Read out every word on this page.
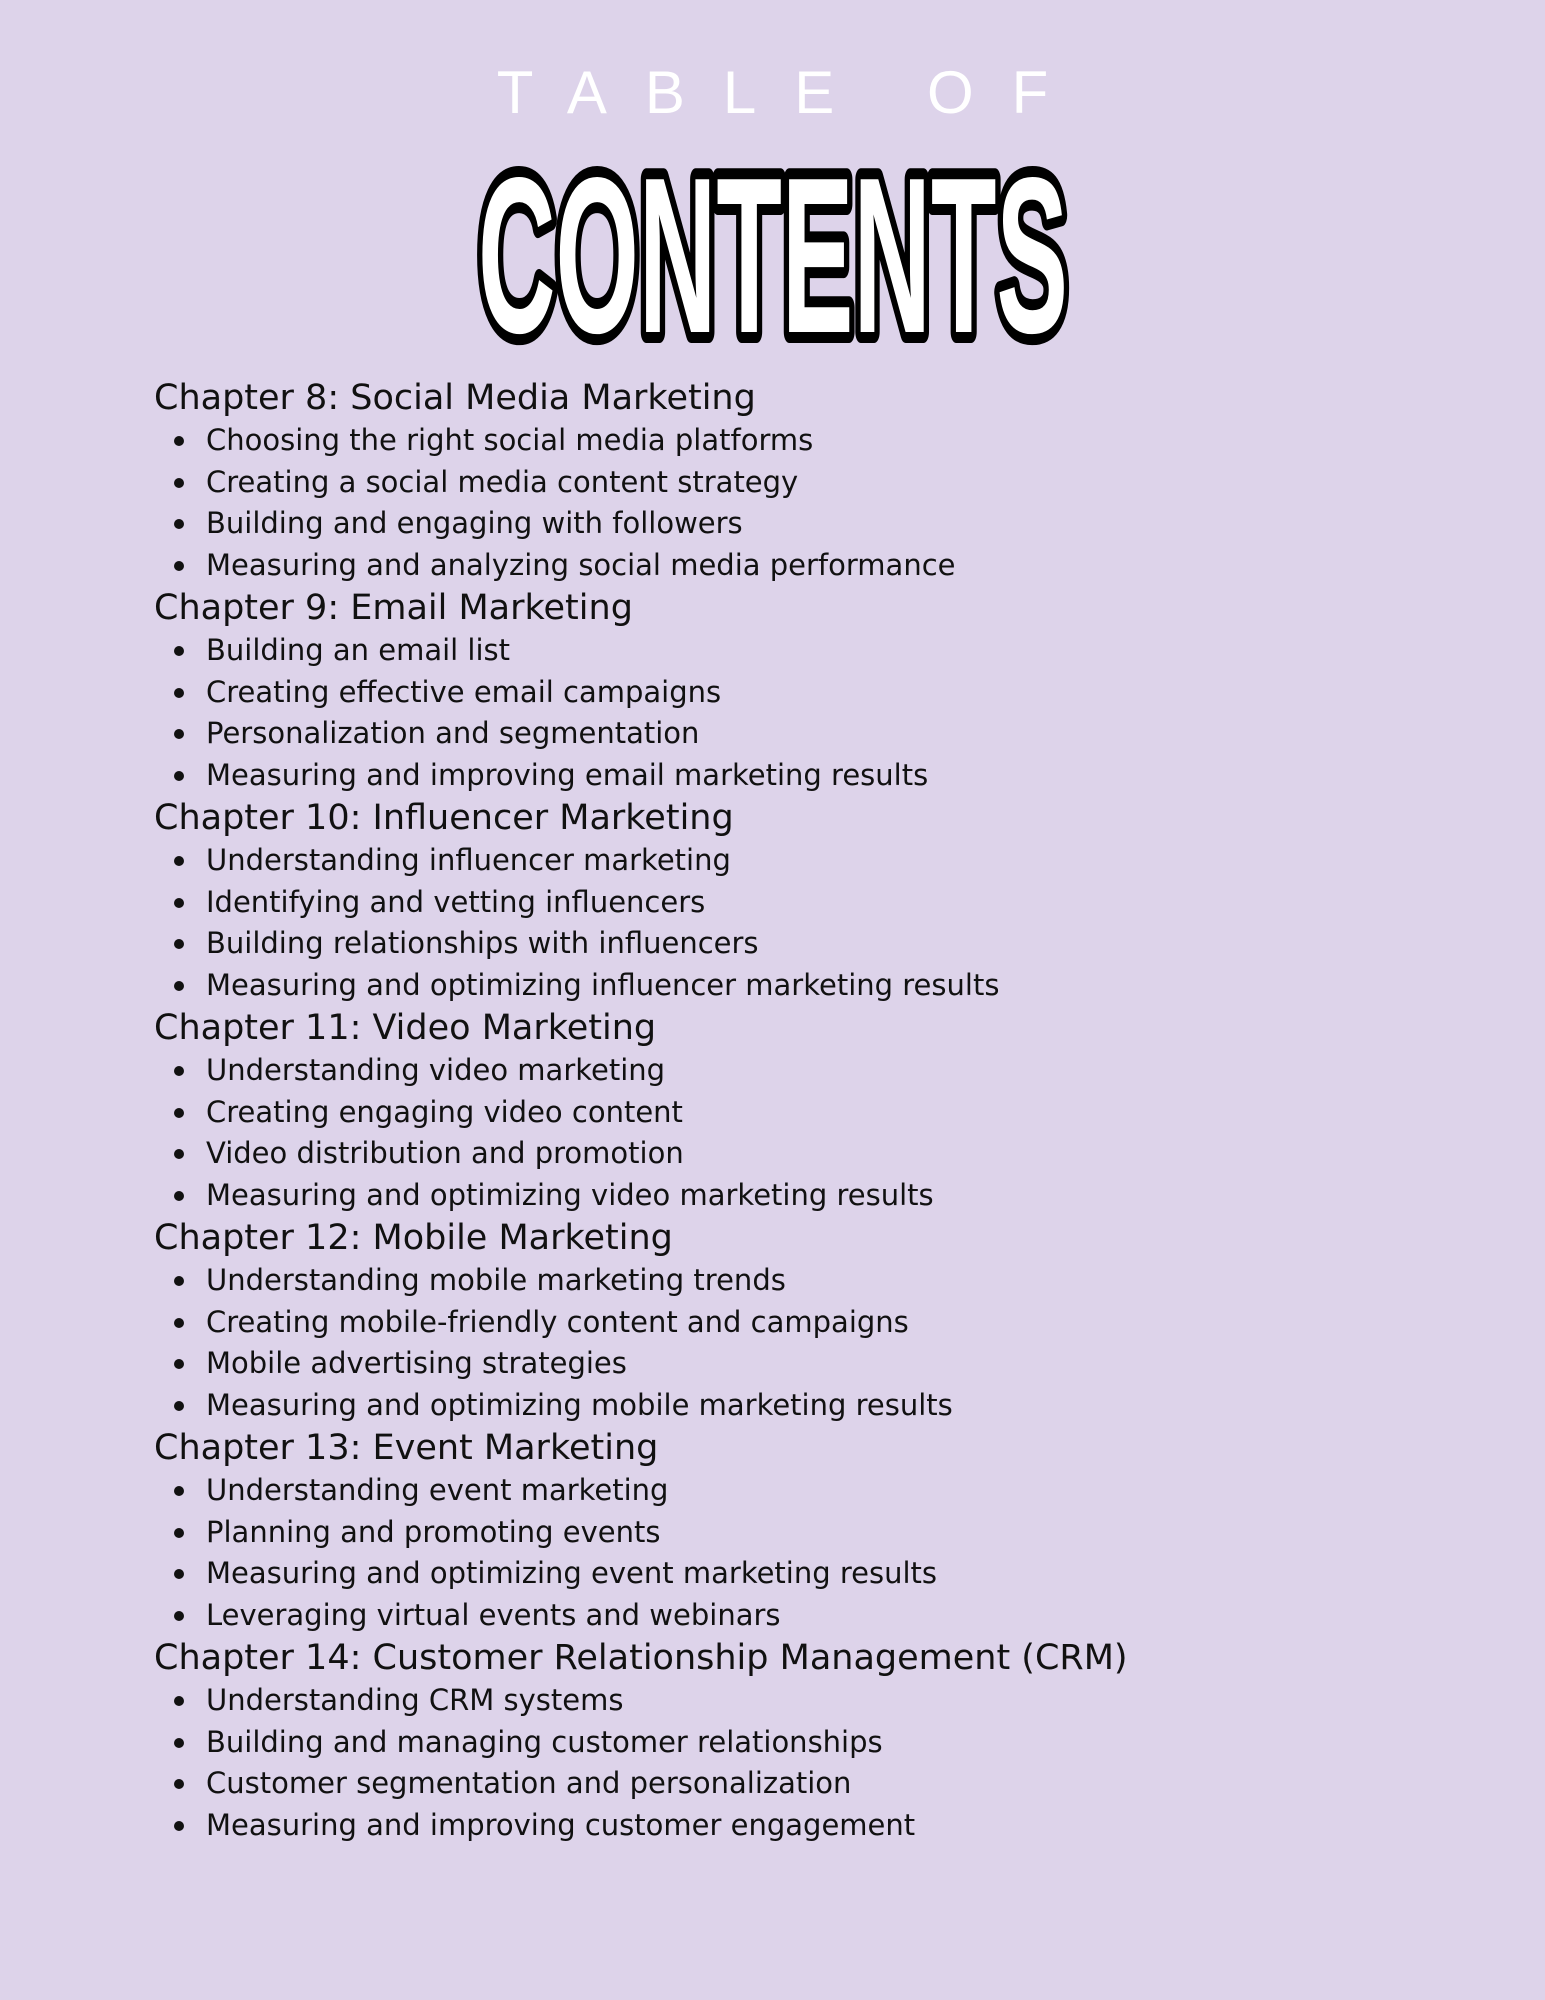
TABLE OF
CONTENTS
Chapter 8: Social Media Marketing
Choosing the right social media platforms
Creating a social media content strategy
Building and engaging with followers
Measuring and analyzing social media performance
Chapter 9: Email Marketing
Building an email list
Creating effective email campaigns
Personalization and segmentation
Measuring and improving email marketing results
Chapter 10: Influencer Marketing
Understanding influencer marketing
Identifying and vetting influencers
Building relationships with influencers
Measuring and optimizing influencer marketing results
Chapter 11: Video Marketing
Understanding video marketing
Creating engaging video content
Video distribution and promotion
Measuring and optimizing video marketing results
Chapter 12: Mobile Marketing
Understanding mobile marketing trends
Creating mobile-friendly content and campaigns
Mobile advertising strategies
Measuring and optimizing mobile marketing results
Chapter 13: Event Marketing
Understanding event marketing
Planning and promoting events
Measuring and optimizing event marketing results
Leveraging virtual events and webinars
Chapter 14: Customer Relationship Management (CRM)
Understanding CRM systems
Building and managing customer relationships
Customer segmentation and personalization
Measuring and improving customer engagement
